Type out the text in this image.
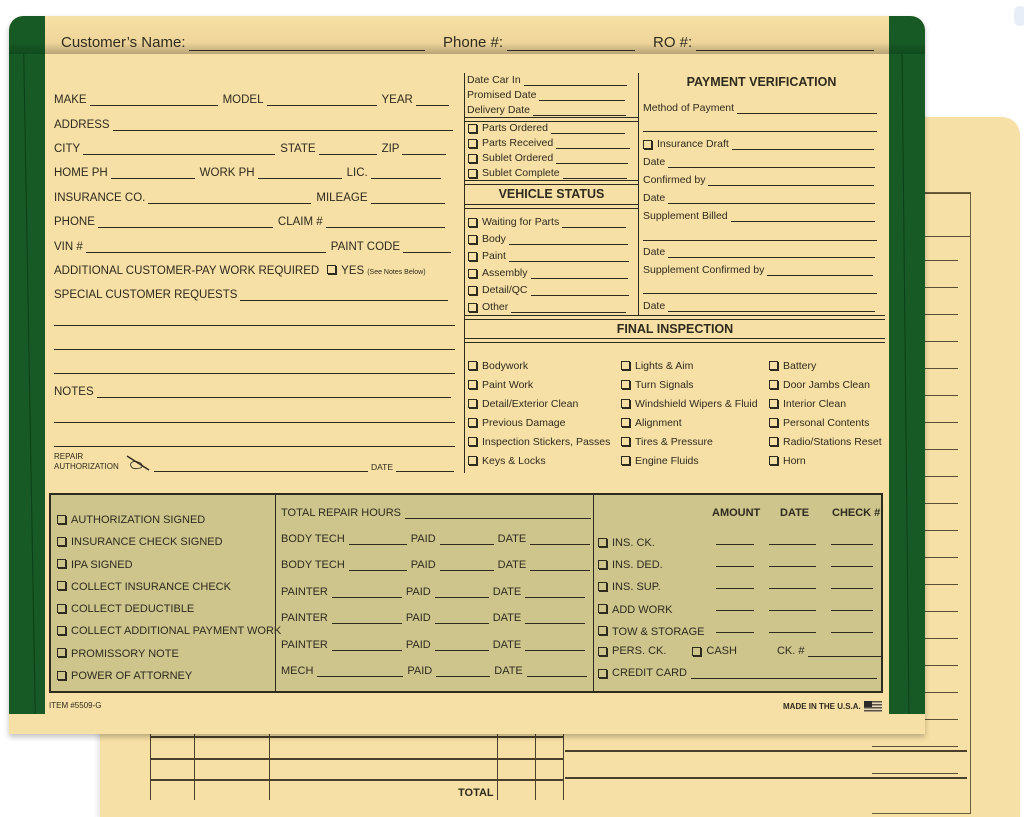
TOTAL
Customer’s Name:	Phone #:	RO #:
MAKE	MODEL	YEAR
ADDRESS
CITY	STATE	ZIP
HOME PH	WORK PH	LIC.
INSURANCE CO.	MILEAGE
PHONE	CLAIM #
VIN #	PAINT CODE
ADDITIONAL CUSTOMER-PAY WORK REQUIRED YES (See Notes Below)
SPECIAL CUSTOMER REQUESTS
NOTES
REPAIR
AUTHORIZATION	DATE
Date Car In
Promised Date
Delivery Date
Parts Ordered
Parts Received
Sublet Ordered
Sublet Complete
VEHICLE STATUS
Waiting for Parts
Body
Paint
Assembly
Detail/QC
Other
PAYMENT VERIFICATION
Method of Payment
Insurance Draft
Date
Confirmed by
Date
Supplement Billed
Date
Supplement Confirmed by
Date
FINAL INSPECTION
Bodywork
Paint Work
Detail/Exterior Clean
Previous Damage
Inspection Stickers, Passes
Keys & Locks
Lights & Aim
Turn Signals
Windshield Wipers & Fluid
Alignment
Tires & Pressure
Engine Fluids
Battery
Door Jambs Clean
Interior Clean
Personal Contents
Radio/Stations Reset
Horn
AUTHORIZATION SIGNED
INSURANCE CHECK SIGNED
IPA SIGNED
COLLECT INSURANCE CHECK
COLLECT DEDUCTIBLE
COLLECT ADDITIONAL PAYMENT WORK
PROMISSORY NOTE
POWER OF ATTORNEY
TOTAL REPAIR HOURS
BODY TECH	PAID	DATE
BODY TECH	PAID	DATE
PAINTER	PAID	DATE
PAINTER	PAID	DATE
PAINTER	PAID	DATE
MECH	PAID	DATE
AMOUNT DATE CHECK #
INS. CK.
INS. DED.
INS. SUP.
ADD WORK
TOW & STORAGE
PERS. CK.	CASH	CK. #
CREDIT CARD
ITEM #5509-G	MADE IN THE U.S.A.
